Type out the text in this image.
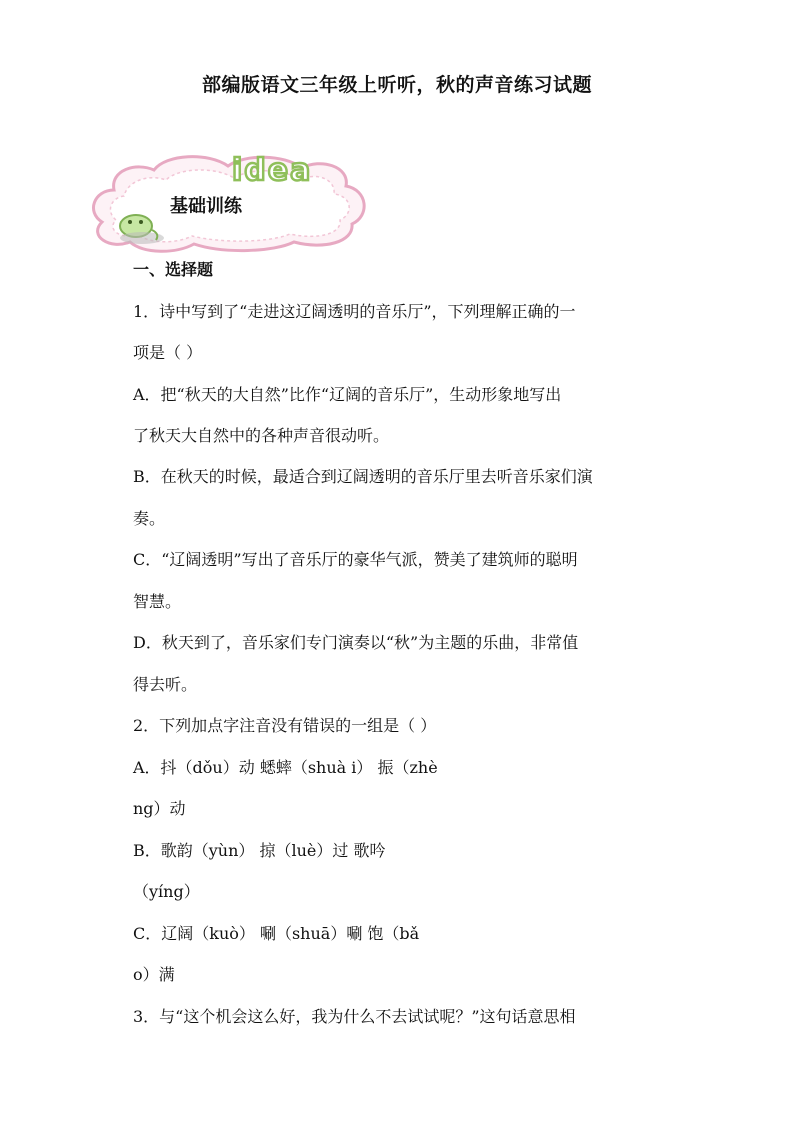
部编版语文三年级上听听，秋的声音练习试题
idea
基础训练
一、选择题
1．诗中写到了“走进这辽阔透明的音乐厅”，下列理解正确的一
项是（ ）
A．把“秋天的大自然”比作“辽阔的音乐厅”，生动形象地写出
了秋天大自然中的各种声音很动听。
B．在秋天的时候，最适合到辽阔透明的音乐厅里去听音乐家们演
奏。
C．“辽阔透明”写出了音乐厅的豪华气派，赞美了建筑师的聪明
智慧。
D．秋天到了，音乐家们专门演奏以“秋”为主题的乐曲，非常值
得去听。
2．下列加点字注音没有错误的一组是（ ）
A．抖（dǒu）动 蟋蟀（shuà i） 振（zhè
ng）动
B．歌韵（yùn） 掠（luè）过 歌吟
（yíng）
C．辽阔（kuò） 唰（shuā）唰 饱（bǎ
o）满
3．与“这个机会这么好，我为什么不去试试呢？”这句话意思相
